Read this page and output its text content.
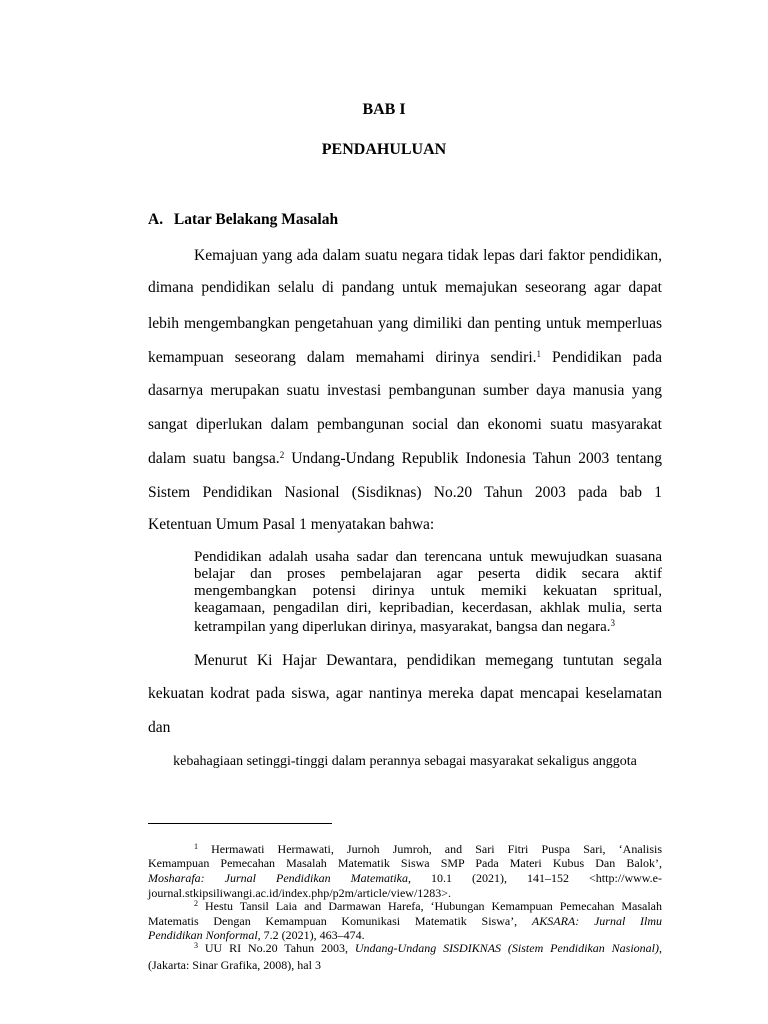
BAB I
PENDAHULUAN
A. Latar Belakang Masalah
Kemajuan yang ada dalam suatu negara tidak lepas dari faktor pendidikan,
dimana pendidikan selalu di pandang untuk memajukan seseorang agar dapat
lebih mengembangkan pengetahuan yang dimiliki dan penting untuk memperluas
kemampuan seseorang dalam memahami dirinya sendiri.$^1$ Pendidikan pada
dasarnya merupakan suatu investasi pembangunan sumber daya manusia yang
sangat diperlukan dalam pembangunan social dan ekonomi suatu masyarakat
dalam suatu bangsa.$^2$ Undang-Undang Republik Indonesia Tahun 2003 tentang
Sistem Pendidikan Nasional (Sisdiknas) No.20 Tahun 2003 pada bab 1
Ketentuan Umum Pasal 1 menyatakan bahwa:
Pendidikan adalah usaha sadar dan terencana untuk mewujudkan suasana
belajar dan proses pembelajaran agar peserta didik secara aktif
mengembangkan potensi dirinya untuk memiki kekuatan spritual,
keagamaan, pengadilan diri, kepribadian, kecerdasan, akhlak mulia, serta
ketrampilan yang diperlukan dirinya, masyarakat, bangsa dan negara.$^3$
Menurut Ki Hajar Dewantara, pendidikan memegang tuntutan segala
kekuatan kodrat pada siswa, agar nantinya mereka dapat mencapai keselamatan
dan
kebahagiaan setinggi-tinggi dalam perannya sebagai masyarakat sekaligus anggota
$^1$ Hermawati Hermawati, Jurnoh Jumroh, and Sari Fitri Puspa Sari, ‘Analisis
Kemampuan Pemecahan Masalah Matematik Siswa SMP Pada Materi Kubus Dan Balok’,
Mosharafa: Jurnal Pendidikan Matematika, 10.1 (2021), 141–152 <http://www.e-
journal.stkipsiliwangi.ac.id/index.php/p2m/article/view/1283>.
$^2$ Hestu Tansil Laia and Darmawan Harefa, ‘Hubungan Kemampuan Pemecahan Masalah
Matematis Dengan Kemampuan Komunikasi Matematik Siswa’, AKSARA: Jurnal Ilmu
Pendidikan Nonformal, 7.2 (2021), 463–474.
$^3$ UU RI No.20 Tahun 2003, Undang-Undang SISDIKNAS (Sistem Pendidikan Nasional),
(Jakarta: Sinar Grafika, 2008), hal 3
